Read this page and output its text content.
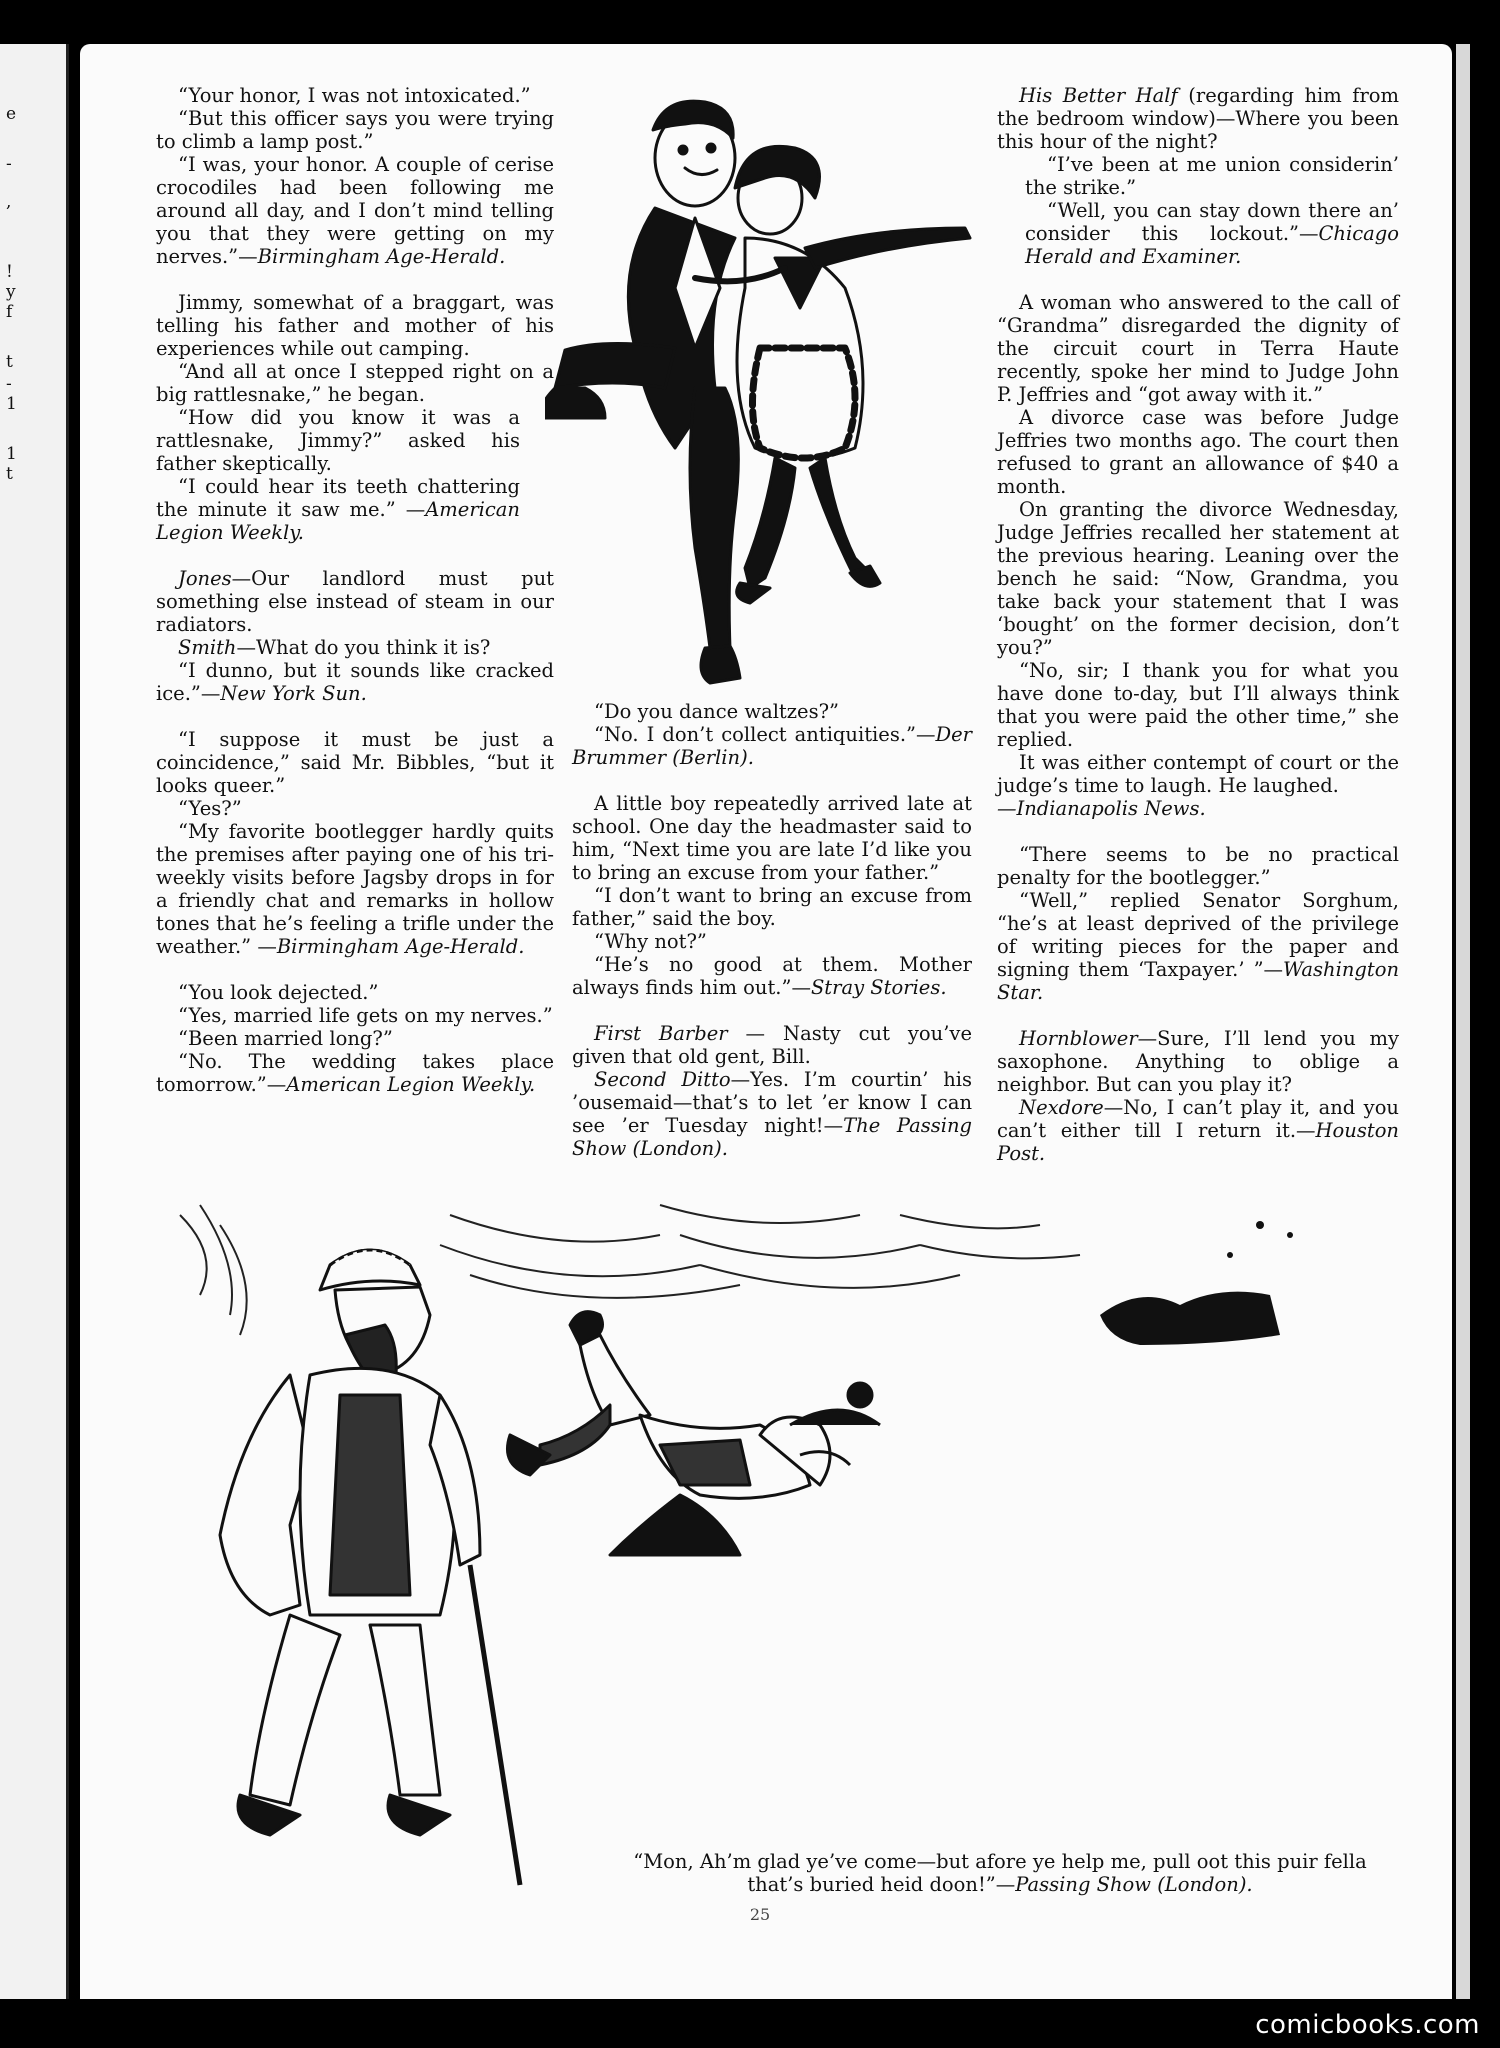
e
-
,
!
y
f
t
-
1
1
t

“Your honor, I was not intoxicated.”

“But this officer says you were trying to climb a lamp post.”

“I was, your honor. A couple of cerise crocodiles had been following me around all day, and I don’t mind telling you that they were getting on my nerves.”—Birmingham Age-Herald.

Jimmy, somewhat of a braggart, was telling his father and mother of his experiences while out camping.

“And all at once I stepped right on a big rattlesnake,” he began.

“How did you know it was a rattlesnake, Jimmy?” asked his father skeptically.

“I could hear its teeth chattering the minute it saw me.” —American Legion Weekly.

Jones—Our landlord must put something else instead of steam in our radiators.

Smith—What do you think it is?

“I dunno, but it sounds like cracked ice.”—New York Sun.

“I suppose it must be just a coincidence,” said Mr. Bibbles, “but it looks queer.”

“Yes?”

“My favorite bootlegger hardly quits the premises after paying one of his tri-weekly visits before Jagsby drops in for a friendly chat and remarks in hollow tones that he’s feeling a trifle under the weather.” —Birmingham Age-Herald.

“You look dejected.”

“Yes, married life gets on my nerves.”

“Been married long?”

“No. The wedding takes place tomorrow.”—American Legion Weekly.

“Do you dance waltzes?”

“No. I don’t collect antiquities.”—Der Brummer (Berlin).

A little boy repeatedly arrived late at school. One day the headmaster said to him, “Next time you are late I’d like you to bring an excuse from your father.”

“I don’t want to bring an excuse from father,” said the boy.

“Why not?”

“He’s no good at them. Mother always finds him out.”—Stray Stories.

First Barber — Nasty cut you’ve given that old gent, Bill.

Second Ditto—Yes. I’m courtin’ his ’ousemaid—that’s to let ’er know I can see ’er Tuesday night!—The Passing Show (London).

His Better Half (regarding him from the bedroom window)—Where you been this hour of the night?

“I’ve been at me union considerin’ the strike.”

“Well, you can stay down there an’ consider this lockout.”—Chicago Herald and Examiner.

A woman who answered to the call of “Grandma” disregarded the dignity of the circuit court in Terra Haute recently, spoke her mind to Judge John P. Jeffries and “got away with it.”

A divorce case was before Judge Jeffries two months ago. The court then refused to grant an allowance of $40 a month.

On granting the divorce Wednesday, Judge Jeffries recalled her statement at the previous hearing. Leaning over the bench he said: “Now, Grandma, you take back your statement that I was ‘bought’ on the former decision, don’t you?”

“No, sir; I thank you for what you have done to-day, but I’ll always think that you were paid the other time,” she replied.

It was either contempt of court or the judge’s time to laugh. He laughed.

—Indianapolis News.

“There seems to be no practical penalty for the bootlegger.”

“Well,” replied Senator Sorghum, “he’s at least deprived of the privilege of writing pieces for the paper and signing them ‘Taxpayer.’ ”—Washington Star.

Hornblower—Sure, I’ll lend you my saxophone. Anything to oblige a neighbor. But can you play it?

Nexdore—No, I can’t play it, and you can’t either till I return it.—Houston Post.

“Mon, Ah’m glad ye’ve come—but afore ye help me, pull oot this puir fella that’s buried heid doon!”—Passing Show (London).
25
comicbooks.com
